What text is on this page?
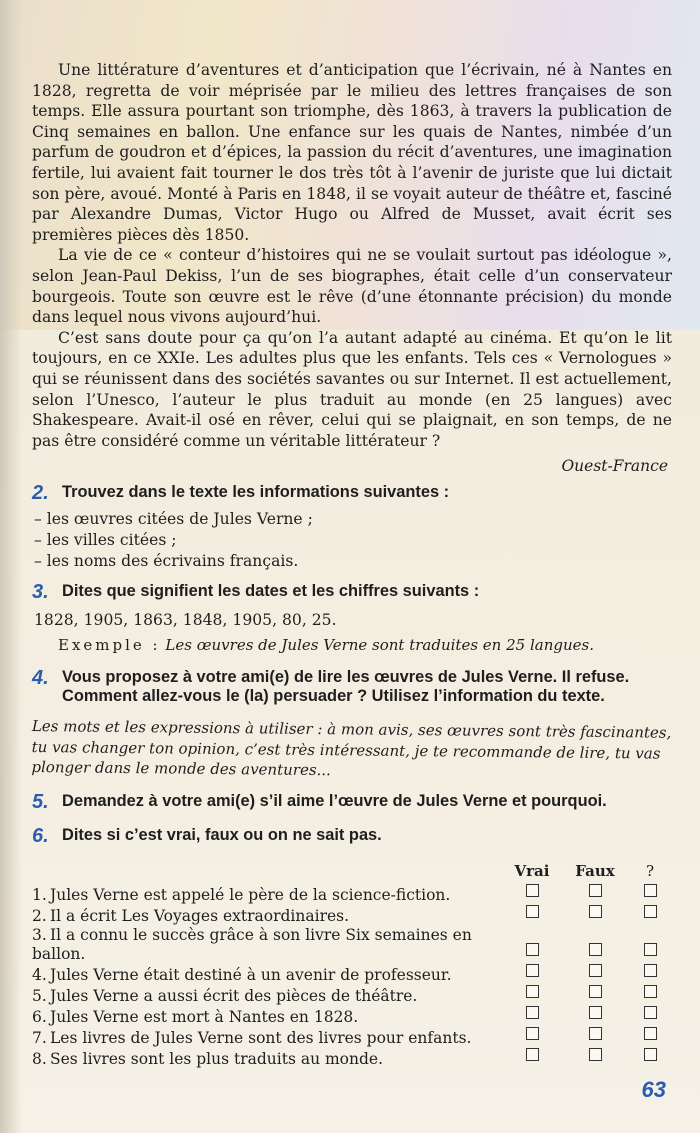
Une littérature d’aventures et d’anticipation que l’écrivain, né à Nantes en 1828, regretta de voir méprisée par le milieu des lettres françaises de son temps. Elle assura pourtant son triomphe, dès 1863, à travers la publication de Cinq semaines en ballon. Une enfance sur les quais de Nantes, nimbée d’un parfum de goudron et d’épices, la passion du récit d’aventures, une imagination fertile, lui avaient fait tourner le dos très tôt à l’avenir de juriste que lui dictait son père, avoué. Monté à Paris en 1848, il se voyait auteur de théâtre et, fasciné par Alexandre Dumas, Victor Hugo ou Alfred de Musset, avait écrit ses premières pièces dès 1850.

La vie de ce « conteur d’histoires qui ne se voulait surtout pas idéologue », selon Jean-Paul Dekiss, l’un de ses biographes, était celle d’un conservateur bourgeois. Toute son œuvre est le rêve (d’une étonnante précision) du monde dans lequel nous vivons aujourd’hui.

C’est sans doute pour ça qu’on l’a autant adapté au cinéma. Et qu’on le lit toujours, en ce XXIe. Les adultes plus que les enfants. Tels ces « Vernologues » qui se réunissent dans des sociétés savantes ou sur Internet. Il est actuellement, selon l’Unesco, l’auteur le plus traduit au monde (en 25 langues) avec Shakespeare. Avait-il osé en rêver, celui qui se plaignait, en son temps, de ne pas être considéré comme un véritable littérateur ?

Ouest-France
2. Trouvez dans le texte les informations suivantes :
– les œuvres citées de Jules Verne ;
– les villes citées ;
– les noms des écrivains français.
3. Dites que signifient les dates et les chiffres suivants :
1828, 1905, 1863, 1848, 1905, 80, 25.
Exemple : Les œuvres de Jules Verne sont traduites en 25 langues.
4. Vous proposez à votre ami(e) de lire les œuvres de Jules Verne. Il refuse. Comment allez-vous le (la) persuader ? Utilisez l’information du texte.
Les mots et les expressions à utiliser : à mon avis, ses œuvres sont très fascinantes, tu vas changer ton opinion, c’est très intéressant, je te recommande de lire, tu vas plonger dans le monde des aventures...
5. Demandez à votre ami(e) s’il aime l’œuvre de Jules Verne et pourquoi.
6. Dites si c’est vrai, faux ou on ne sait pas.
Vrai	Faux	?
1. Jules Verne est appelé le père de la science-fiction.
2. Il a écrit Les Voyages extraordinaires.
3. Il a connu le succès grâce à son livre Six semaines en ballon.
4. Jules Verne était destiné à un avenir de professeur.
5. Jules Verne a aussi écrit des pièces de théâtre.
6. Jules Verne est mort à Nantes en 1828.
7. Les livres de Jules Verne sont des livres pour enfants.
8. Ses livres sont les plus traduits au monde.
63
